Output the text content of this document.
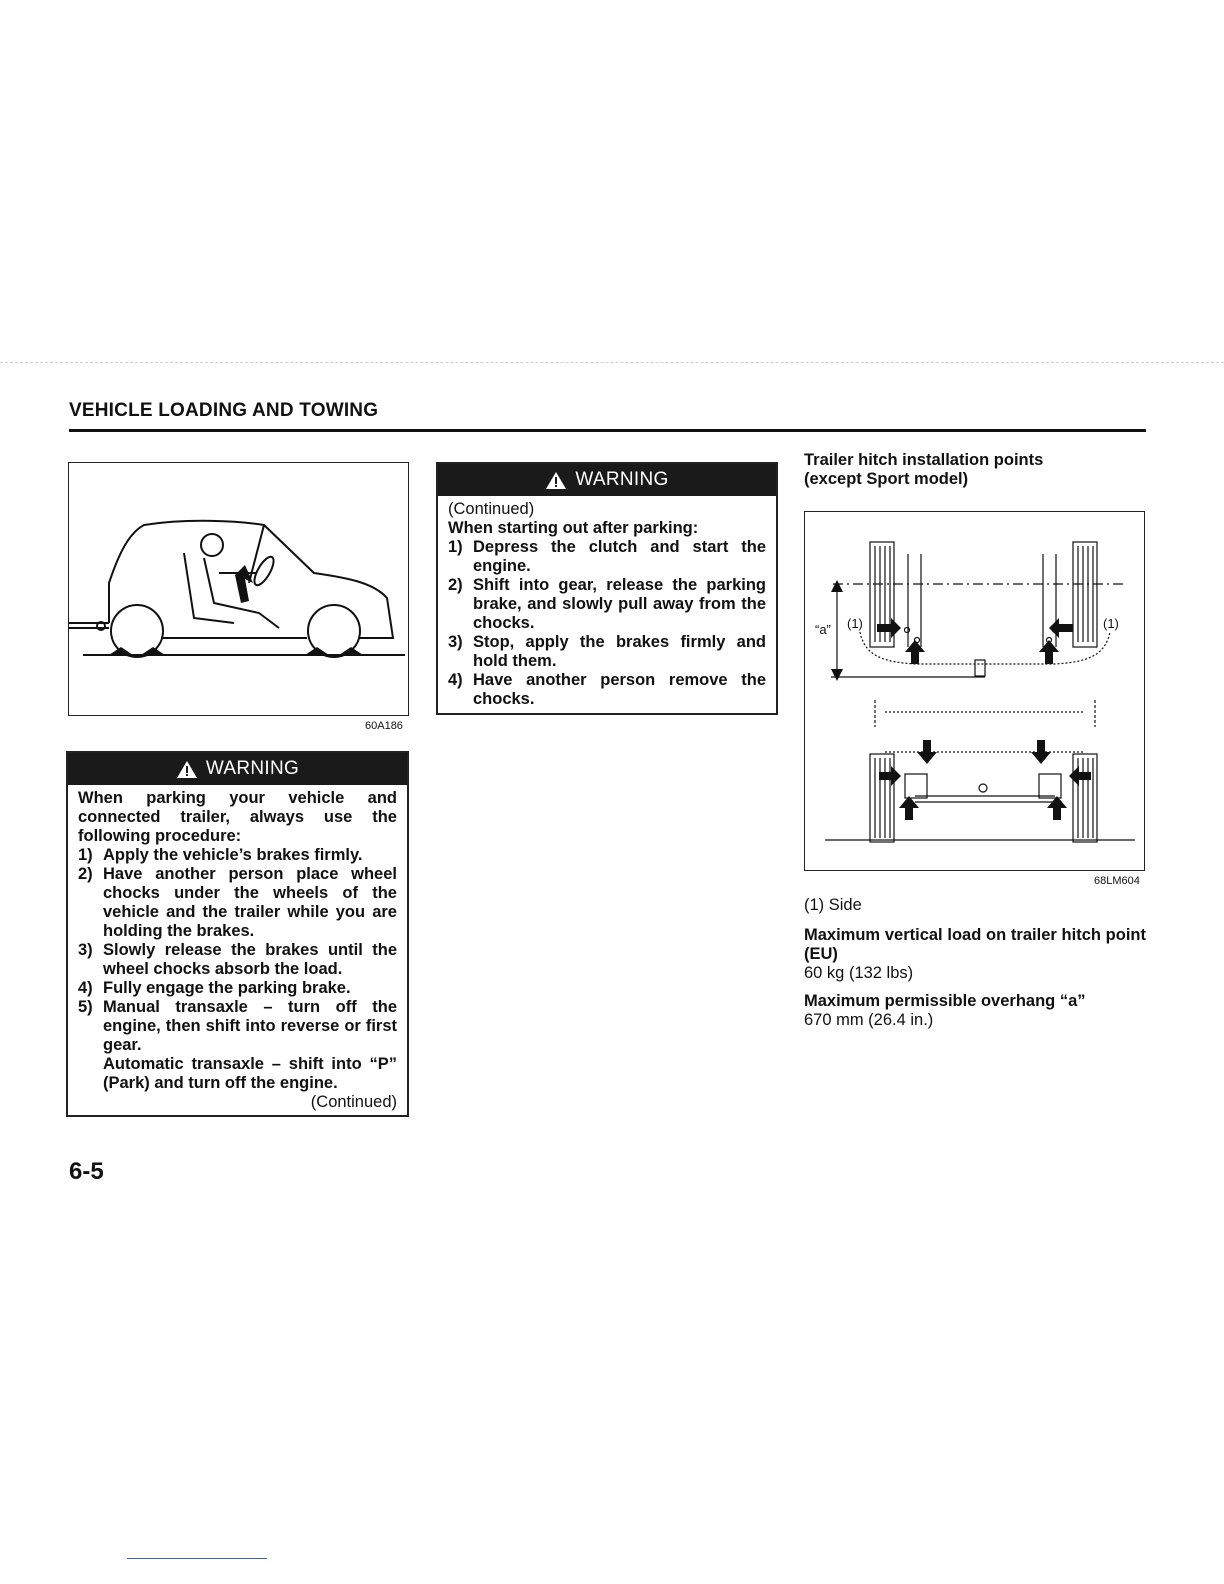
VEHICLE LOADING AND TOWING
60A186
WARNING
When parking your vehicle and connected trailer, always use the following procedure:
1) Apply the vehicle’s brakes firmly.
2) Have another person place wheel chocks under the wheels of the vehicle and the trailer while you are holding the brakes.
3) Slowly release the brakes until the wheel chocks absorb the load.
4) Fully engage the parking brake.
5) Manual transaxle – turn off the engine, then shift into reverse or first gear.
Automatic transaxle – shift into “P” (Park) and turn off the engine.
(Continued)
WARNING
(Continued)
When starting out after parking:
1) Depress the clutch and start the engine.
2) Shift into gear, release the parking brake, and slowly pull away from the chocks.
3) Stop, apply the brakes firmly and hold them.
4) Have another person remove the chocks.
Trailer hitch installation points
(except Sport model)
“a” (1)	(1)
68LM604
(1) Side
Maximum vertical load on trailer hitch point (EU)
60 kg (132 lbs)
Maximum permissible overhang “a”
670 mm (26.4 in.)
6-5
